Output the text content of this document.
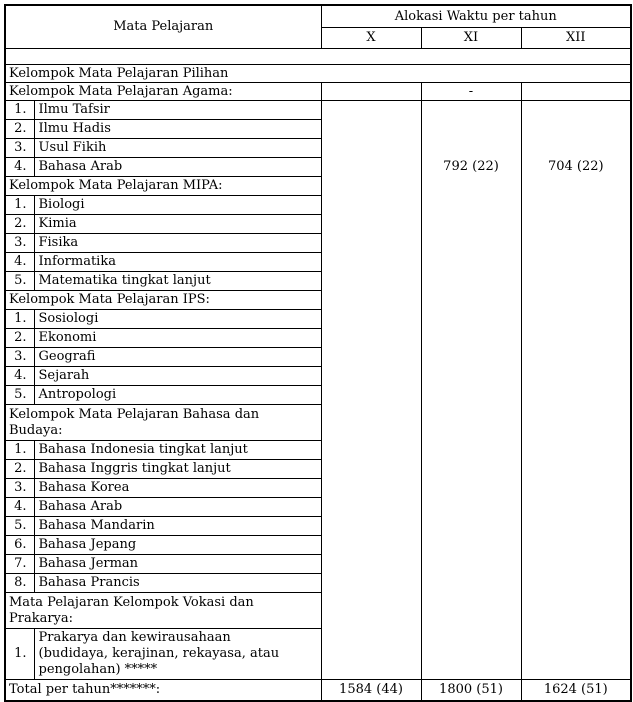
Mata Pelajaran		Alokasi Waktu per tahun		
		X	XI	XII

Kelompok Mata Pelajaran Pilihan				
Kelompok Mata Pelajaran Agama:			-	
1.	Ilmu Tafsir		792 (22)	704 (22)
2.	Ilmu Hadis			
3.	Usul Fikih			
4.	Bahasa Arab			
Kelompok Mata Pelajaran MIPA:				
1.	Biologi			
2.	Kimia			
3.	Fisika			
4.	Informatika			
5.	Matematika tingkat lanjut			
Kelompok Mata Pelajaran IPS:				
1.	Sosiologi			
2.	Ekonomi			
3.	Geografi			
4.	Sejarah			
5.	Antropologi			

Kelompok Mata Pelajaran Bahasa dan Budaya:				

1.	Bahasa Indonesia tingkat lanjut			
2.	Bahasa Inggris tingkat lanjut			
3.	Bahasa Korea			
4.	Bahasa Arab			
5.	Bahasa Mandarin			
6.	Bahasa Jepang			
7.	Bahasa Jerman			
8.	Bahasa Prancis			

Mata Pelajaran Kelompok Vokasi dan Prakarya:				

1.	Prakarya dan kewirausahaan (budidaya, kerajinan, rekayasa, atau pengolahan) *****			

Total per tahun*******:		1584 (44)	1800 (51)	1624 (51)
